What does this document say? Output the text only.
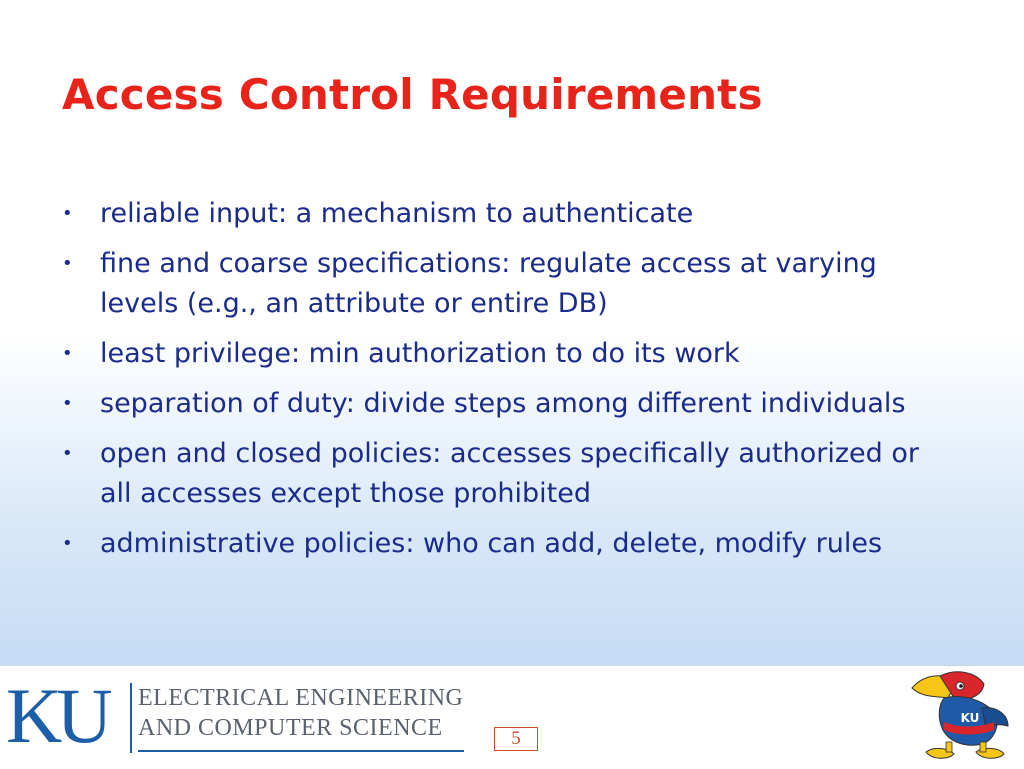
Access Control Requirements
• reliable input: a mechanism to authenticate
• fine and coarse specifications: regulate access at varying levels (e.g., an attribute or entire DB)
• least privilege: min authorization to do its work
• separation of duty: divide steps among different individuals
• open and closed policies: accesses specifically authorized or all accesses except those prohibited
• administrative policies: who can add, delete, modify rules
KU ELECTRICAL ENGINEERING
AND COMPUTER SCIENCE	5
KU
